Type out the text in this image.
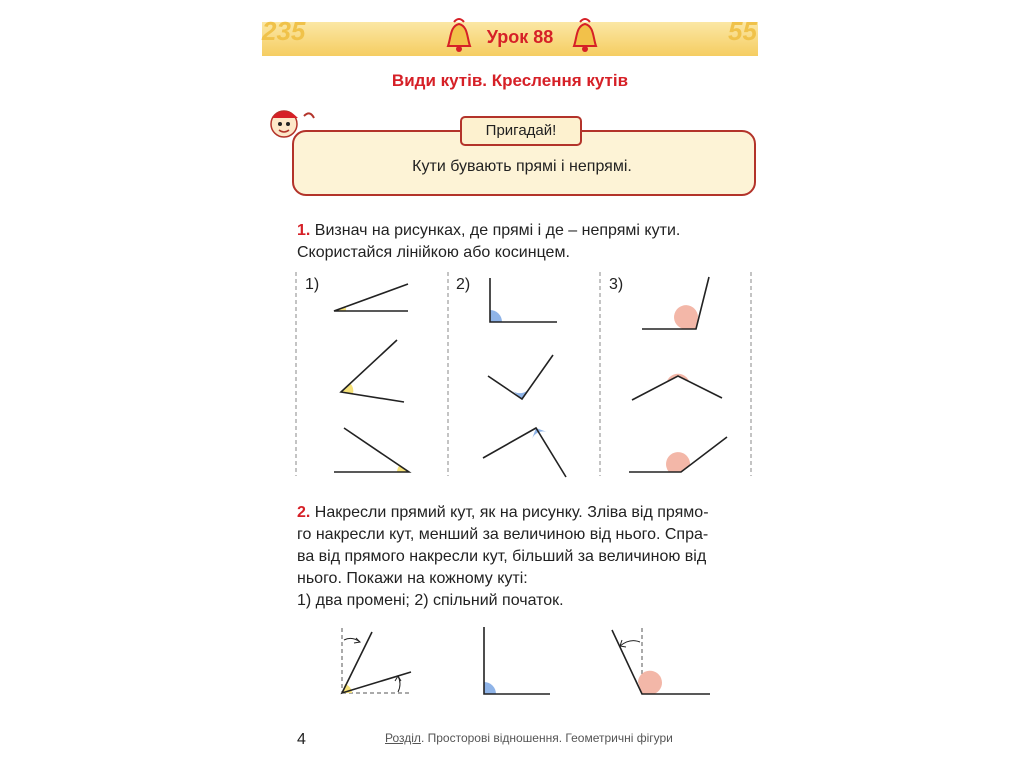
235	55
Урок 88
Види кутів. Креслення кутів
Пригадай!
Кути бувають прямі і непрямі.
1. Визнач на рисунках, де прямі і де – непрямі кути.
Скористайся лінійкою або косинцем.
1)	2)	3)
2. Накресли прямий кут, як на рисунку. Зліва від прямо-
го накресли кут, менший за величиною від нього. Спра-
ва від прямого накресли кут, більший за величиною від
нього. Покажи на кожному куті:
1) два промені; 2) спільний початок.
4	Розділ. Просторові відношення. Геометричні фігури
